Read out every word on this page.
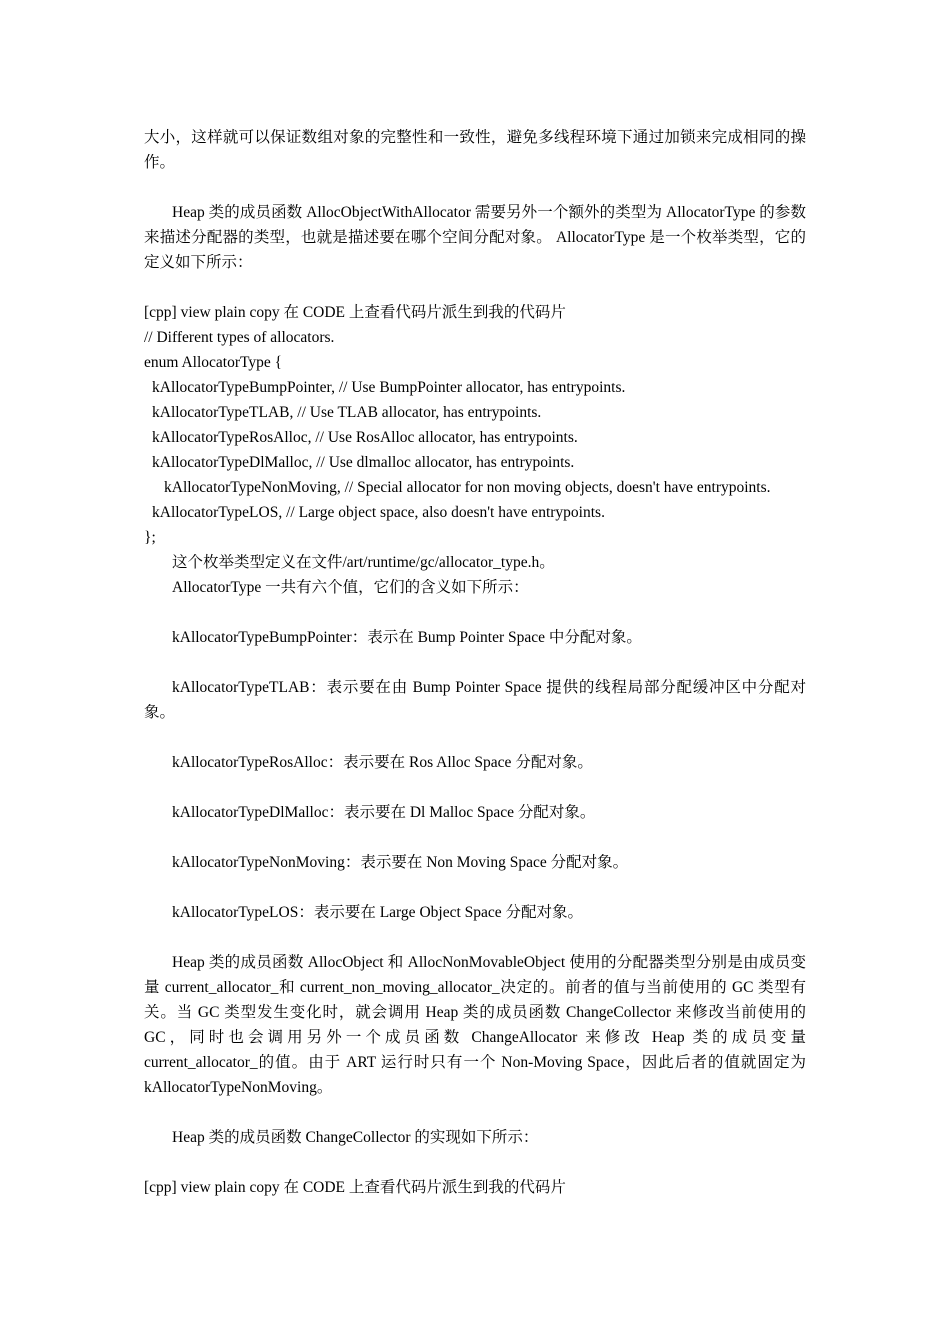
大小，这样就可以保证数组对象的完整性和一致性，避免多线程环境下通过加锁来完成相同的操作。

Heap 类的成员函数 AllocObjectWithAllocator 需要另外一个额外的类型为 AllocatorType 的参数来描述分配器的类型，也就是描述要在哪个空间分配对象。 AllocatorType 是一个枚举类型，它的定义如下所示：

[cpp] view plain copy 在 CODE 上查看代码片派生到我的代码片

// Different types of allocators.

enum AllocatorType {

kAllocatorTypeBumpPointer, // Use BumpPointer allocator, has entrypoints.

kAllocatorTypeTLAB, // Use TLAB allocator, has entrypoints.

kAllocatorTypeRosAlloc, // Use RosAlloc allocator, has entrypoints.

kAllocatorTypeDlMalloc, // Use dlmalloc allocator, has entrypoints.

kAllocatorTypeNonMoving, // Special allocator for non moving objects, doesn't have entrypoints.

kAllocatorTypeLOS, // Large object space, also doesn't have entrypoints.

};

这个枚举类型定义在文件/art/runtime/gc/allocator_type.h。

AllocatorType 一共有六个值，它们的含义如下所示：

kAllocatorTypeBumpPointer：表示在 Bump Pointer Space 中分配对象。

kAllocatorTypeTLAB：表示要在由 Bump Pointer Space 提供的线程局部分配缓冲区中分配对象。

kAllocatorTypeRosAlloc：表示要在 Ros Alloc Space 分配对象。

kAllocatorTypeDlMalloc：表示要在 Dl Malloc Space 分配对象。

kAllocatorTypeNonMoving：表示要在 Non Moving Space 分配对象。

kAllocatorTypeLOS：表示要在 Large Object Space 分配对象。

Heap 类的成员函数 AllocObject 和 AllocNonMovableObject 使用的分配器类型分别是由成员变量 current_allocator_和 current_non_moving_allocator_决定的。前者的值与当前使用的 GC 类型有关。当 GC 类型发生变化时，就会调用 Heap 类的成员函数 ChangeCollector 来修改当前使用的 GC，同时也会调用另外一个成员函数 ChangeAllocator 来修改 Heap 类的成员变量 current_allocator_的值。由于 ART 运行时只有一个 Non-Moving Space，因此后者的值就固定为 kAllocatorTypeNonMoving。

Heap 类的成员函数 ChangeCollector 的实现如下所示：

[cpp] view plain copy 在 CODE 上查看代码片派生到我的代码片
